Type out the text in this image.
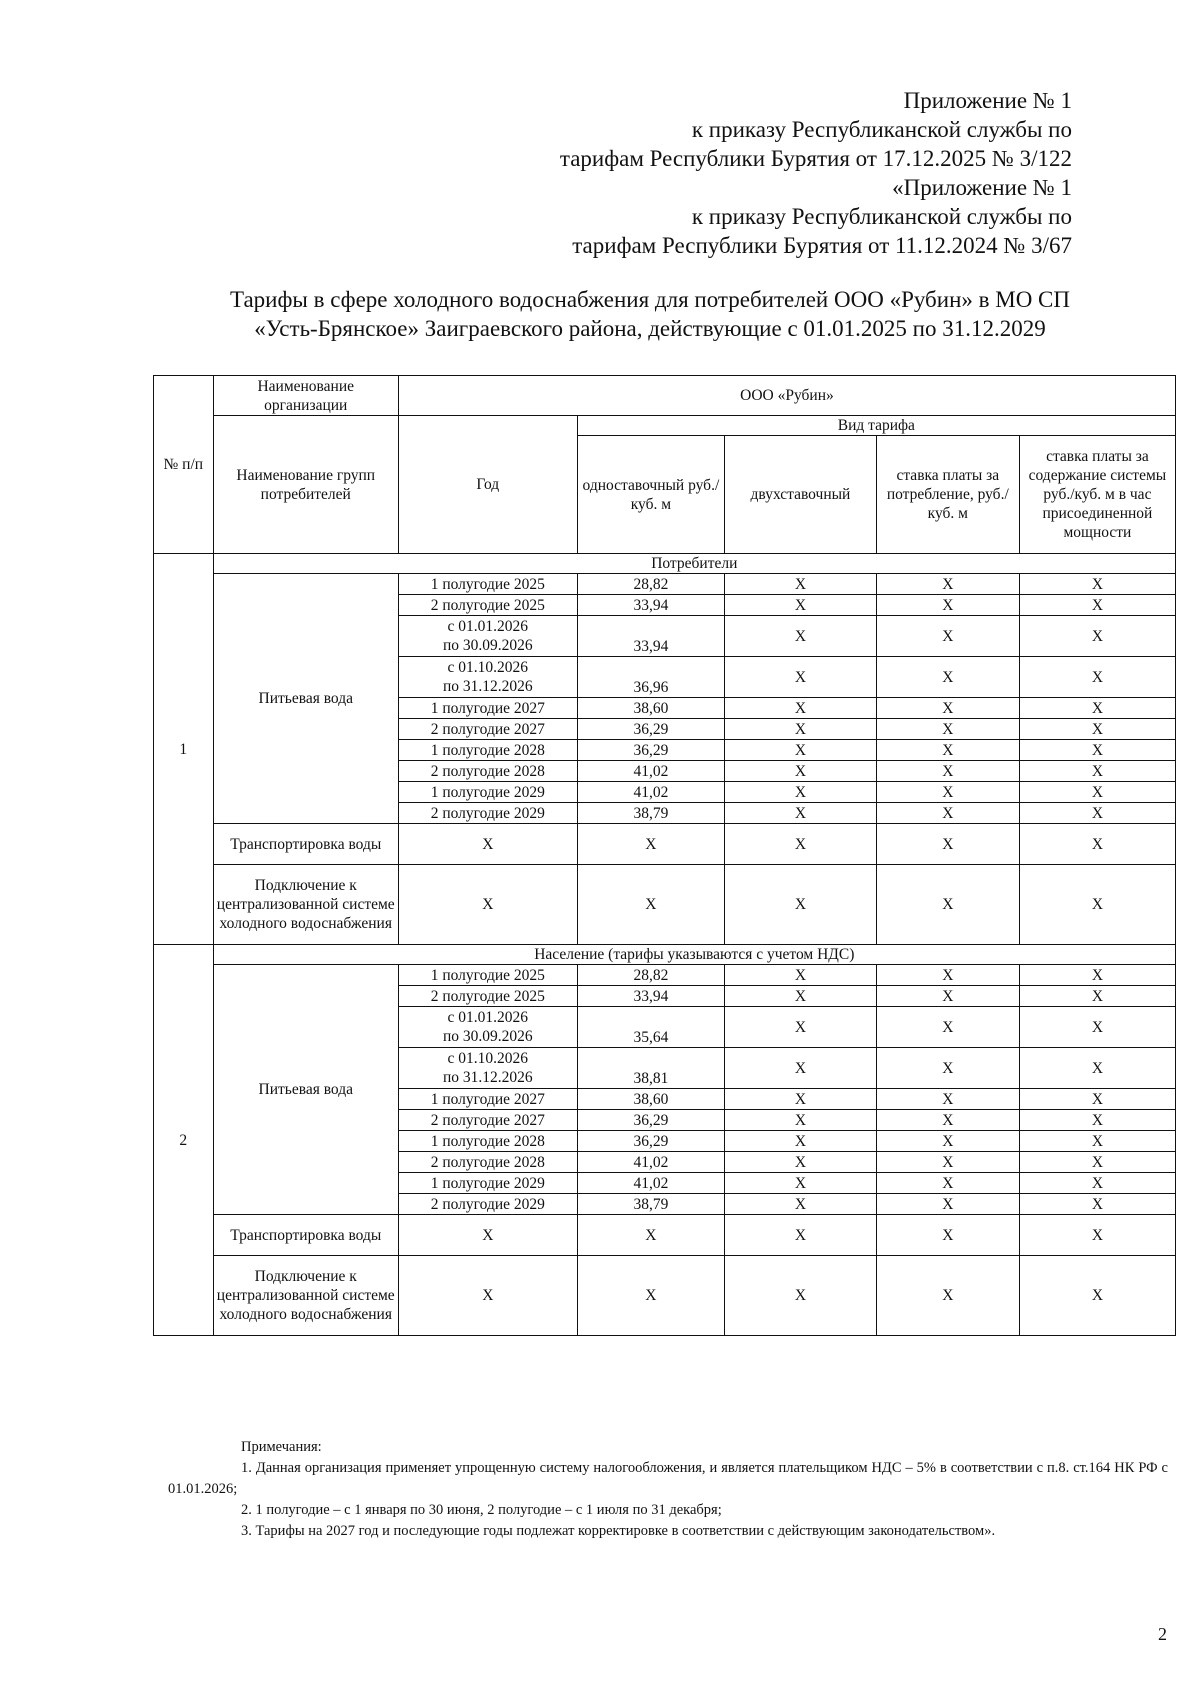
Приложение № 1
к приказу Республиканской службы по
тарифам Республики Бурятия от 17.12.2025 № 3/122
«Приложение № 1
к приказу Республиканской службы по
тарифам Республики Бурятия от 11.12.2024 № 3/67
Тарифы в сфере холодного водоснабжения для потребителей ООО «Рубин» в МО СП
«Усть-Брянское» Заиграевского района, действующие с 01.01.2025 по 31.12.2029
№ п/п	Наименование организации	ООО «Рубин»				
	Наименование групп потребителей	Год	Вид тарифа			
			одноставочный руб./ куб. м	двухставочный	ставка платы за потребление, руб./ куб. м	ставка платы за содержание системы руб./куб. м в час присоединенной мощности
1	Потребители					
	Питьевая вода	1 полугодие 2025	28,82	X	X	X
		2 полугодие 2025	33,94	X	X	X

		с 01.01.2026
по 30.09.2026	33,94	X	X	X

		с 01.10.2026
по 31.12.2026	36,96	X	X	X
		1 полугодие 2027	38,60	X	X	X
		2 полугодие 2027	36,29	X	X	X
		1 полугодие 2028	36,29	X	X	X
		2 полугодие 2028	41,02	X	X	X
		1 полугодие 2029	41,02	X	X	X
		2 полугодие 2029	38,79	X	X	X
	Транспортировка воды	X	X	X	X	X
	Подключение к централизованной системе холодного водоснабжения	X	X	X	X	X
2	Население (тарифы указываются с учетом НДС)					
	Питьевая вода	1 полугодие 2025	28,82	X	X	X
		2 полугодие 2025	33,94	X	X	X

		с 01.01.2026
по 30.09.2026	35,64	X	X	X

		с 01.10.2026
по 31.12.2026	38,81	X	X	X
		1 полугодие 2027	38,60	X	X	X
		2 полугодие 2027	36,29	X	X	X
		1 полугодие 2028	36,29	X	X	X
		2 полугодие 2028	41,02	X	X	X
		1 полугодие 2029	41,02	X	X	X
		2 полугодие 2029	38,79	X	X	X
	Транспортировка воды	X	X	X	X	X
	Подключение к централизованной системе холодного водоснабжения	X	X	X	X	X

Примечания:

1. Данная организация применяет упрощенную систему налогообложения, и является плательщиком НДС – 5% в соответствии с п.8. ст.164 НК РФ с 01.01.2026;

2. 1 полугодие – с 1 января по 30 июня, 2 полугодие – с 1 июля по 31 декабря;

3. Тарифы на 2027 год и последующие годы подлежат корректировке в соответствии с действующим законодательством».

2
